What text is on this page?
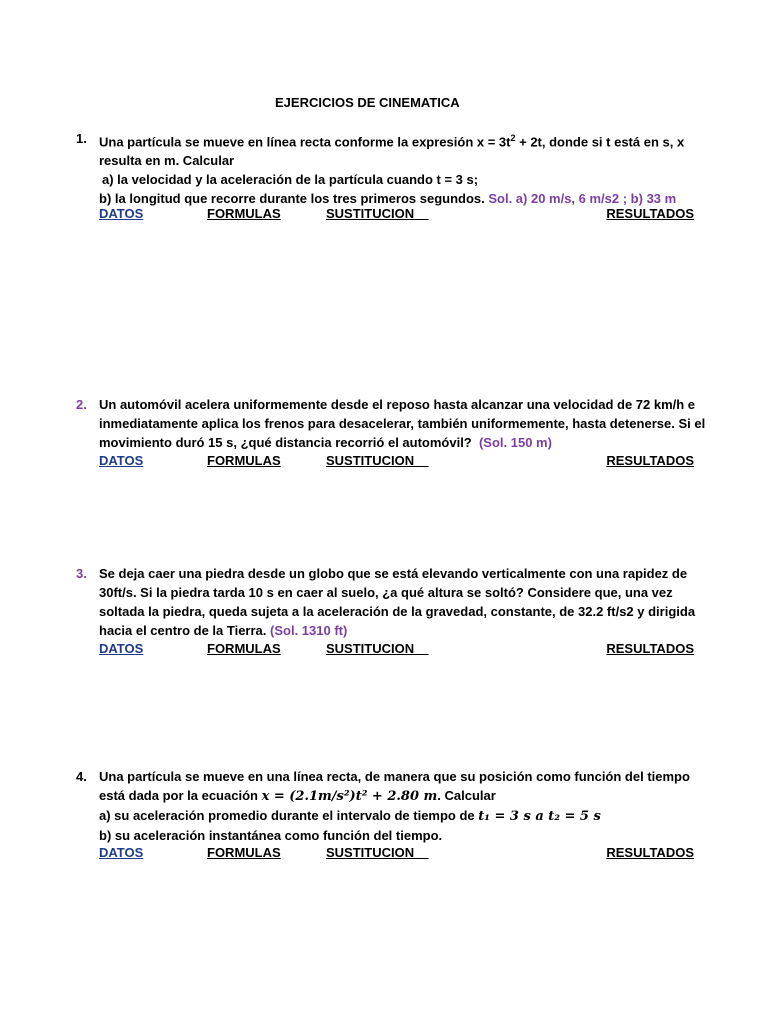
EJERCICIOS DE CINEMATICA
1. Una partícula se mueve en línea recta conforme la expresión $x = 3t^2 + 2t$, donde si t está en s, x resulta en m. Calcular
a) la velocidad y la aceleración de la partícula cuando t = 3 s;
b) la longitud que recorre durante los tres primeros segundos. Sol. a) 20 m/s, 6 m/s2 ; b) 33 m
DATOS	FORMULAS	SUSTITUCION	RESULTADOS
2. Un automóvil acelera uniformemente desde el reposo hasta alcanzar una velocidad de 72 km/h e inmediatamente aplica los frenos para desacelerar, también uniformemente, hasta detenerse. Si el movimiento duró 15 s, ¿qué distancia recorrió el automóvil?  (Sol. 150 m)
DATOS	FORMULAS	SUSTITUCION	RESULTADOS
3. Se deja caer una piedra desde un globo que se está elevando verticalmente con una rapidez de 30ft/s. Si la piedra tarda 10 s en caer al suelo, ¿a qué altura se soltó? Considere que, una vez soltada la piedra, queda sujeta a la aceleración de la gravedad, constante, de 32.2 ft/s2 y dirigida hacia el centro de la Tierra. (Sol. 1310 ft)
DATOS	FORMULAS	SUSTITUCION	RESULTADOS
4. Una partícula se mueve en una línea recta, de manera que su posición como función del tiempo está dada por la ecuación x = (2.1m/s²)t² + 2.80 m. Calcular
a) su aceleración promedio durante el intervalo de tiempo de t₁ = 3 s a t₂ = 5 s
b) su aceleración instantánea como función del tiempo.
DATOS	FORMULAS	SUSTITUCION	RESULTADOS
